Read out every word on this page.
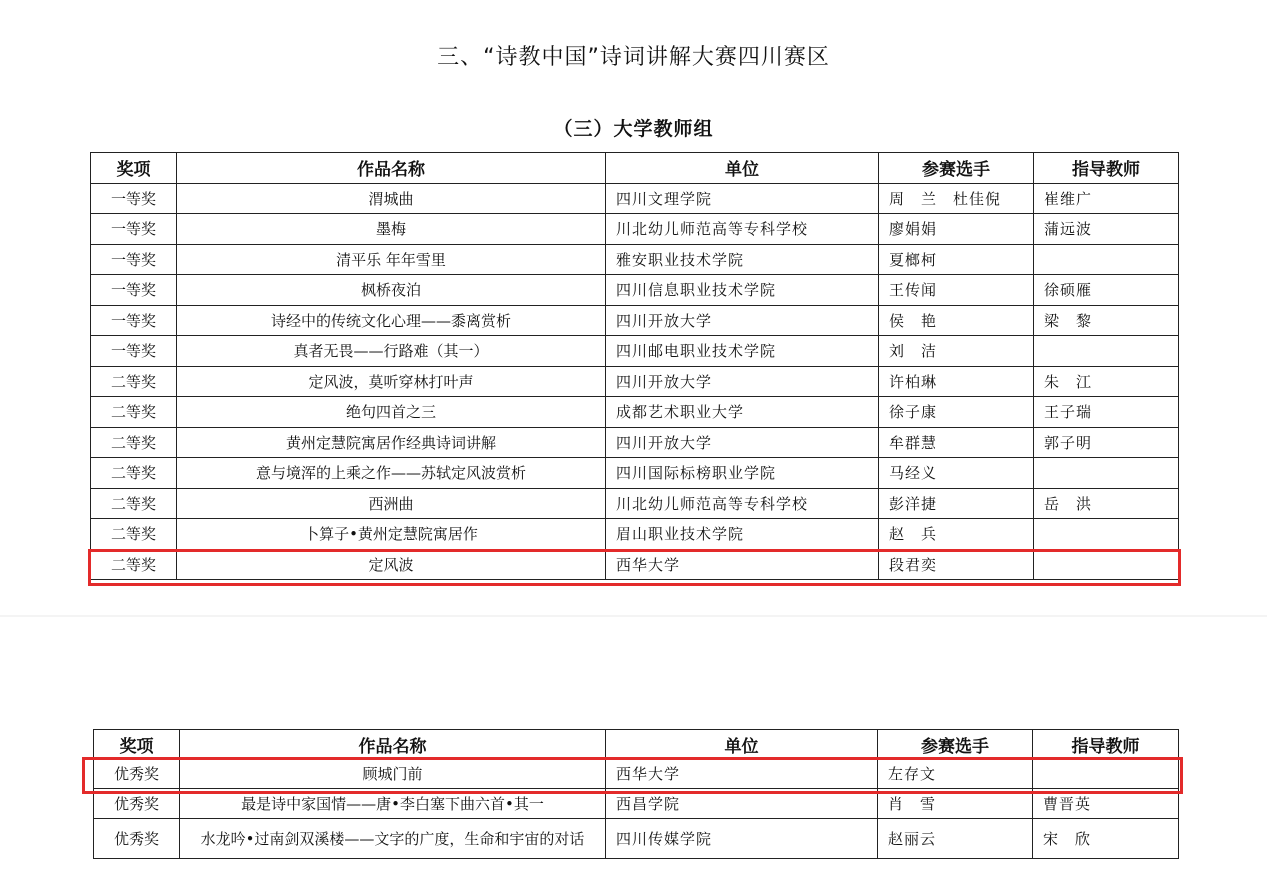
三、“诗教中国”诗词讲解大赛四川赛区
（三）大学教师组
奖项	作品名称	单位	参赛选手	指导教师
一等奖	渭城曲	四川文理学院	周　兰　杜佳倪	崔维广
一等奖	墨梅	川北幼儿师范高等专科学校	廖娟娟	蒲远波
一等奖	清平乐 年年雪里	雅安职业技术学院	夏榔柯	
一等奖	枫桥夜泊	四川信息职业技术学院	王传闻	徐硕雁
一等奖	诗经中的传统文化心理——黍离赏析	四川开放大学	侯　艳	梁　黎
一等奖	真者无畏——行路难（其一）	四川邮电职业技术学院	刘　洁	
二等奖	定风波，莫听穿林打叶声	四川开放大学	许柏琳	朱　江
二等奖	绝句四首之三	成都艺术职业大学	徐子康	王子瑞
二等奖	黄州定慧院寓居作经典诗词讲解	四川开放大学	牟群慧	郭子明
二等奖	意与境浑的上乘之作——苏轼定风波赏析	四川国际标榜职业学院	马经义	
二等奖	西洲曲	川北幼儿师范高等专科学校	彭洋捷	岳　洪
二等奖	卜算子•黄州定慧院寓居作	眉山职业技术学院	赵　兵	
二等奖	定风波	西华大学	段君奕	
奖项	作品名称	单位	参赛选手	指导教师
优秀奖	顾城门前	西华大学	左存文	
优秀奖	最是诗中家国情——唐•李白塞下曲六首•其一	西昌学院	肖　雪	曹晋英
优秀奖	水龙吟•过南剑双溪楼——文字的广度，生命和宇宙的对话	四川传媒学院	赵丽云	宋　欣
